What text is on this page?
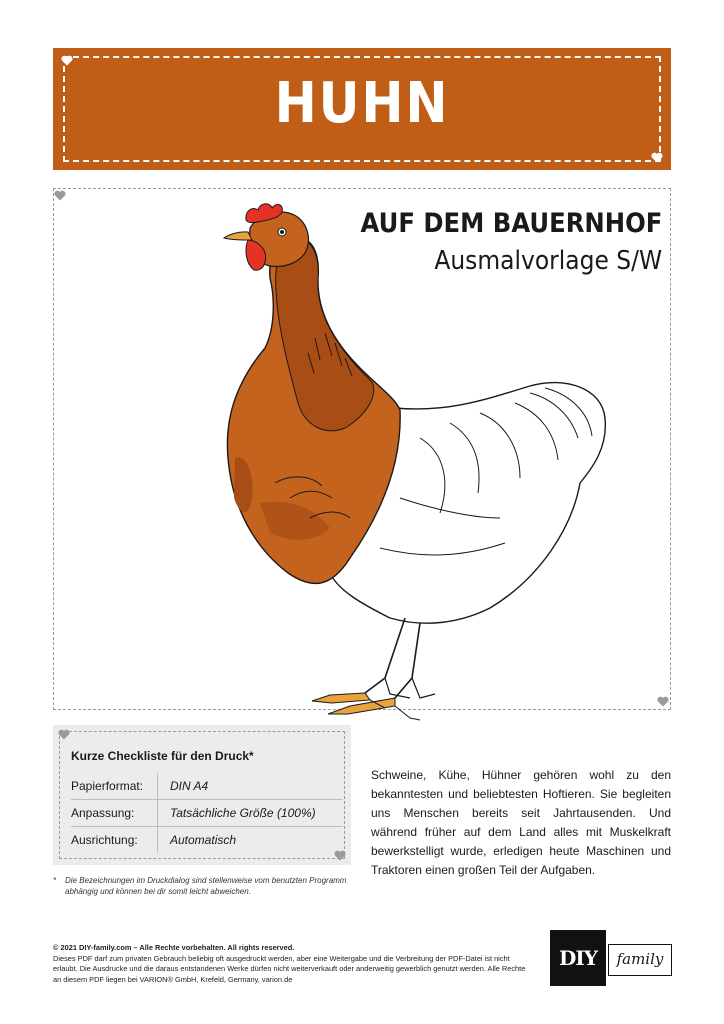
HUHN
AUF DEM BAUERNHOF
Ausmalvorlage S/W
Kurze Checkliste für den Druck*
Papierformat:	DIN A4
Anpassung:	Tatsächliche Größe (100%)
Ausrichtung:	Automatisch
*	Die Bezeichnungen im Druckdialog sind stellenweise vom benutzten Programm abhängig und können bei dir somit leicht abweichen.
Schweine, Kühe, Hühner gehören wohl zu den bekanntesten und beliebtesten Hoftieren. Sie begleiten uns Menschen bereits seit Jahrtausenden. Und während früher auf dem Land alles mit Muskelkraft bewerkstelligt wurde, erledigen heute Maschinen und Traktoren einen großen Teil der Aufgaben.
© 2021 DIY-family.com – Alle Rechte vorbehalten. All rights reserved.
Dieses PDF darf zum privaten Gebrauch beliebig oft ausgedruckt werden, aber eine Weitergabe und die Verbreitung der PDF-Datei ist nicht erlaubt. Die Ausdrucke und die daraus entstandenen Werke dürfen nicht weiterverkauft oder anderweitig gewerblich genutzt werden. Alle Rechte an diesem PDF liegen bei VARION® GmbH, Krefeld, Germany, varion.de
DIY	family
